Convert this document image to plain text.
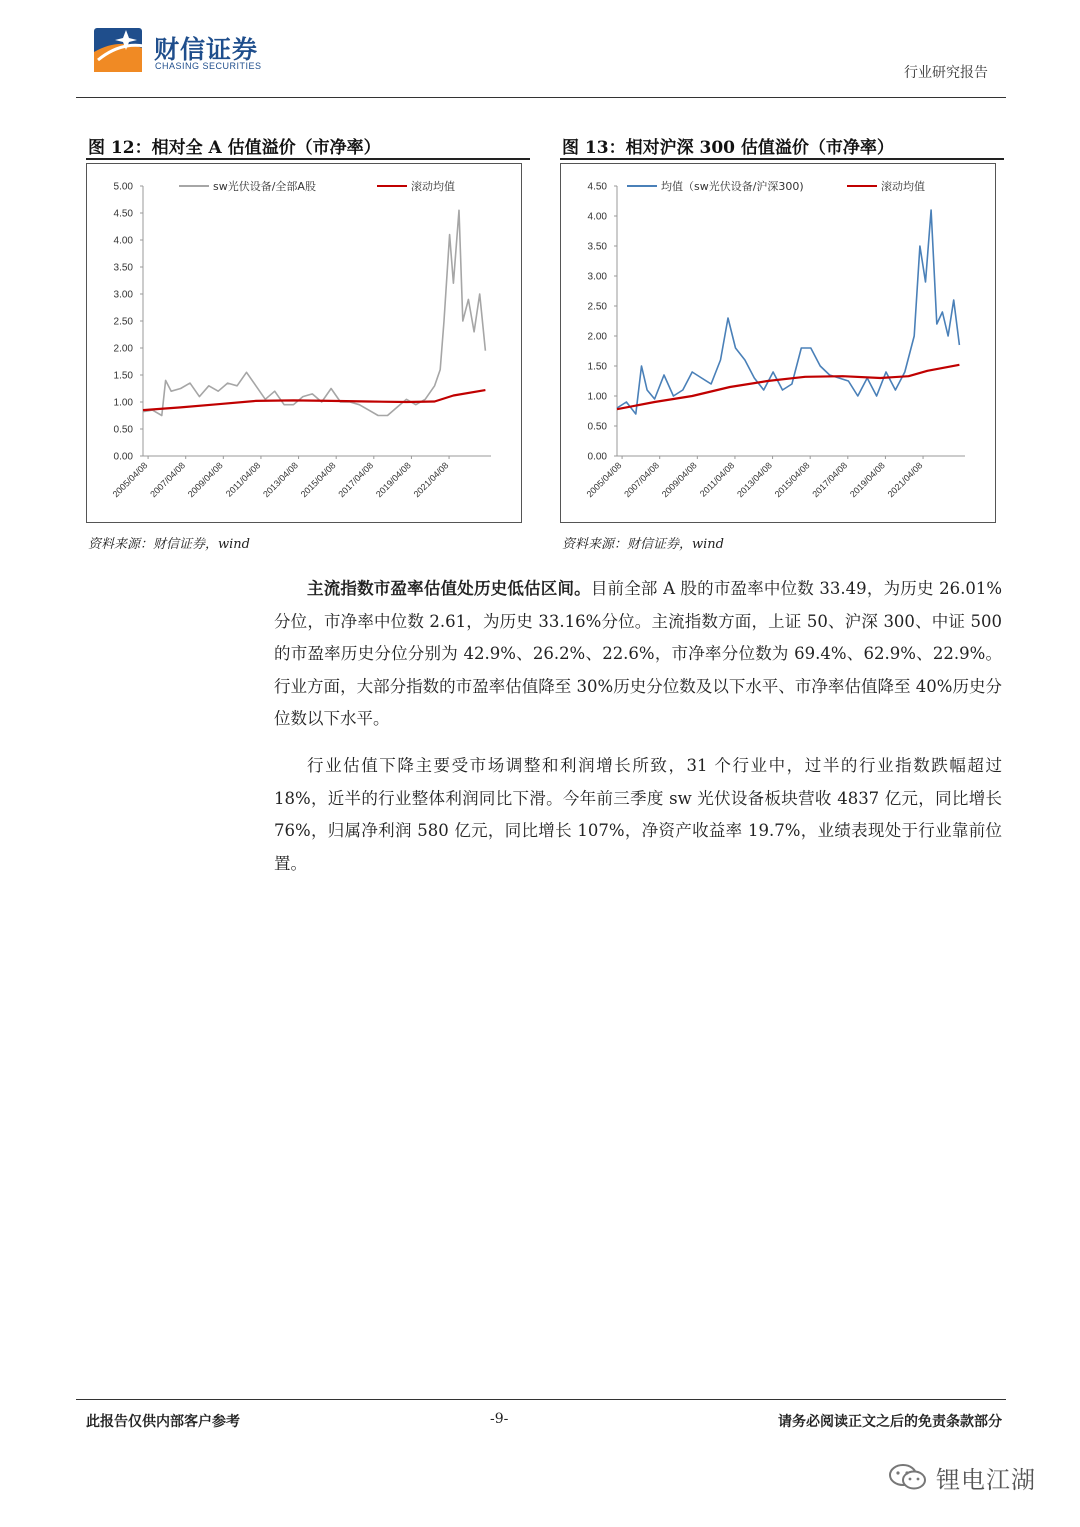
财信证券
CHASING SECURITIES	行业研究报告
图 12：相对全 A 估值溢价（市净率）
0.00
0.50
1.00
1.50
2.00
2.50
3.00
3.50
4.00
4.50
5.00
2005/04/08
2007/04/08
2009/04/08 2011/04/08
2013/04/08
2015/04/08
2017/04/08
2019/04/08
2021/04/08
sw光伏设备/全部A股	滚动均值
资料来源：财信证券，wind
图 13：相对沪深 300 估值溢价（市净率）
0.00
0.50
1.00
1.50
2.00
2.50
3.00
3.50
4.00
4.50
2005/04/08
2007/04/08
2009/04/08 2011/04/08
2013/04/08
2015/04/08
2017/04/08
2019/04/08
2021/04/08
均值（sw光伏设备/沪深300)	滚动均值
资料来源：财信证券，wind
主流指数市盈率估值处历史低估区间。目前全部 A 股的市盈率中位数 33.49，为历史 26.01%分位，市净率中位数 2.61，为历史 33.16%分位。主流指数方面，上证 50、沪深 300、中证 500 的市盈率历史分位分别为 42.9%、26.2%、22.6%，市净率分位数为 69.4%、62.9%、22.9%。行业方面，大部分指数的市盈率估值降至 30%历史分位数及以下水平、市净率估值降至 40%历史分位数以下水平。
行业估值下降主要受市场调整和利润增长所致，31 个行业中，过半的行业指数跌幅超过 18%，近半的行业整体利润同比下滑。今年前三季度 sw 光伏设备板块营收 4837 亿元，同比增长 76%，归属净利润 580 亿元，同比增长 107%，净资产收益率 19.7%，业绩表现处于行业靠前位置。
此报告仅供内部客户参考	-9-	请务必阅读正文之后的免责条款部分
锂电江湖
